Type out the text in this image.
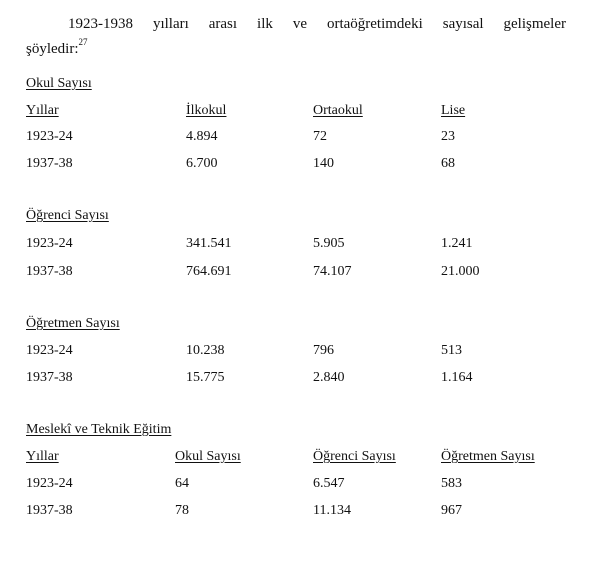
1923-1938 yılları arası ilk ve ortaöğretimdeki sayısal gelişmeler
şöyledir:$^{27}$
Okul Sayısı
Yıllar	İlkokul	Ortaokul	Lise
1923-24	4.894	72	23
1937-38	6.700	140	68
Öğrenci Sayısı
1923-24	341.541	5.905	1.241
1937-38	764.691	74.107	21.000
Öğretmen Sayısı
1923-24	10.238	796	513
1937-38	15.775	2.840	1.164
Meslekî ve Teknik Eğitim
Yıllar	Okul Sayısı	Öğrenci Sayısı	Öğretmen Sayısı
1923-24	64	6.547	583
1937-38	78	11.134	967
